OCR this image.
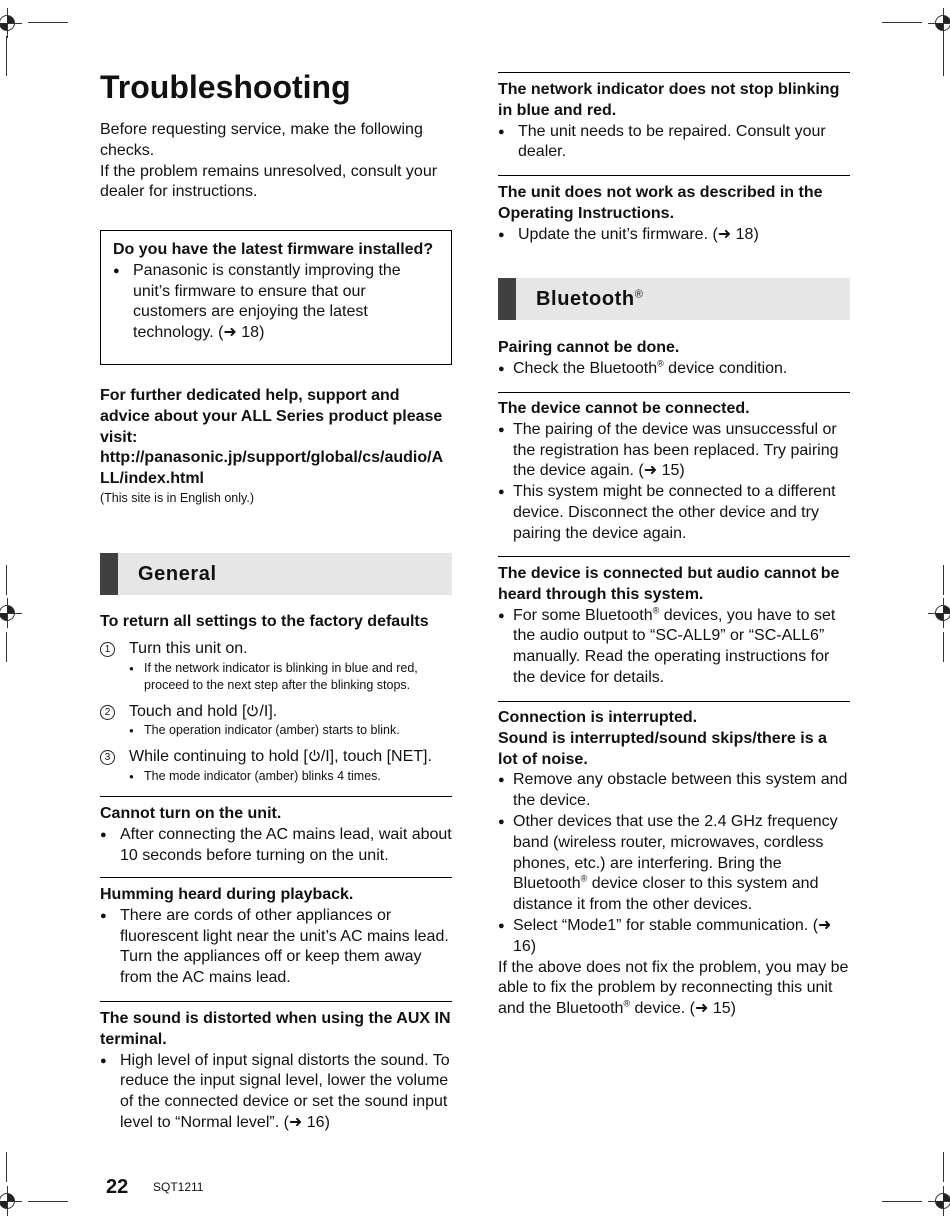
Troubleshooting

Before requesting service, make the following checks.

If the problem remains unresolved, consult your dealer for instructions.

Do you have the latest firmware installed?

● Panasonic is constantly improving the unit’s firmware to ensure that our customers are enjoying the latest technology. (➜ 18)

For further dedicated help, support and advice about your ALL Series product please visit:

http://panasonic.jp/support/global/cs/audio/ALL/index.html

(This site is in English only.)

General

To return all settings to the factory defaults

1 Turn this unit on.

● If the network indicator is blinking in blue and red, proceed to the next step after the blinking stops.
2 Touch and hold [ /I].

● The operation indicator (amber) starts to blink.
3 While continuing to hold [ /I], touch [NET].

● The mode indicator (amber) blinks 4 times.

Cannot turn on the unit.

● After connecting the AC mains lead, wait about 10 seconds before turning on the unit.

Humming heard during playback.

● There are cords of other appliances or fluorescent light near the unit’s AC mains lead. Turn the appliances off or keep them away from the AC mains lead.

The sound is distorted when using the AUX IN terminal.

● High level of input signal distorts the sound. To reduce the input signal level, lower the volume of the connected device or set the sound input level to “Normal level”. (➜ 16)

The network indicator does not stop blinking in blue and red.

● The unit needs to be repaired. Consult your dealer.

The unit does not work as described in the Operating Instructions.

● Update the unit’s firmware. (➜ 18)
Bluetooth®

Pairing cannot be done.

● Check the Bluetooth® device condition.

The device cannot be connected.

● The pairing of the device was unsuccessful or the registration has been replaced. Try pairing the device again. (➜ 15)
● This system might be connected to a different device. Disconnect the other device and try pairing the device again.

The device is connected but audio cannot be heard through this system.

● For some Bluetooth® devices, you have to set the audio output to “SC-ALL9” or “SC-ALL6” manually. Read the operating instructions for the device for details.

Connection is interrupted.

Sound is interrupted/sound skips/there is a lot of noise.

● Remove any obstacle between this system and the device.
● Other devices that use the 2.4 GHz frequency band (wireless router, microwaves, cordless phones, etc.) are interfering. Bring the Bluetooth® device closer to this system and distance it from the other devices.
● Select “Mode1” for stable communication. (➜ 16)

If the above does not fix the problem, you may be able to fix the problem by reconnecting this unit and the Bluetooth® device. (➜ 15)

22 SQT1211
